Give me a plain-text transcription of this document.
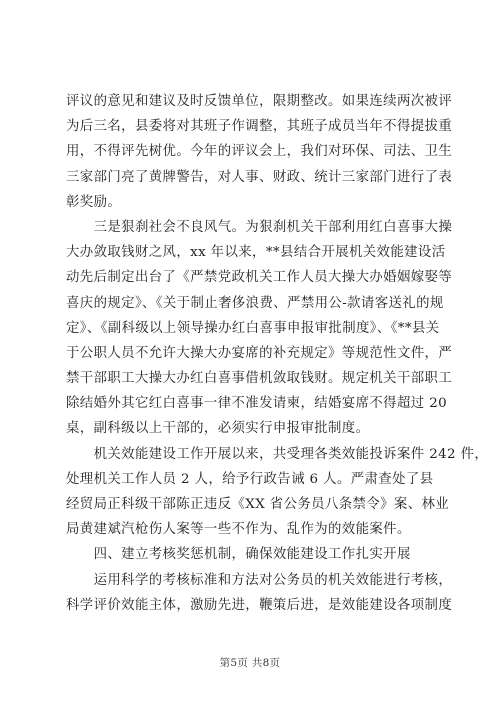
评议的意见和建议及时反馈单位，限期整改。如果连续两次被评
为后三名，县委将对其班子作调整，其班子成员当年不得提拔重
用，不得评先树优。今年的评议会上，我们对环保、司法、卫生
三家部门亮了黄牌警告，对人事、财政、统计三家部门进行了表
彰奖励。
　　三是狠刹社会不良风气。为狠刹机关干部利用红白喜事大操
大办敛取钱财之风，xx 年以来，**县结合开展机关效能建设活
动先后制定出台了《严禁党政机关工作人员大操大办婚姻嫁娶等
喜庆的规定》、《关于制止奢侈浪费、严禁用公-款请客送礼的规
定》、《副科级以上领导操办红白喜事申报审批制度》、《**县关
于公职人员不允许大操大办宴席的补充规定》等规范性文件，严
禁干部职工大操大办红白喜事借机敛取钱财。规定机关干部职工
除结婚外其它红白喜事一律不准发请柬，结婚宴席不得超过 20
桌，副科级以上干部的，必须实行申报审批制度。
　　机关效能建设工作开展以来，共受理各类效能投诉案件 242 件，
处理机关工作人员 2 人，给予行政告诫 6 人。严肃查处了县
经贸局正科级干部陈正违反《XX 省公务员八条禁令》案、林业
局黄建斌汽枪伤人案等一些不作为、乱作为的效能案件。
　　四、建立考核奖惩机制，确保效能建设工作扎实开展
　　运用科学的考核标准和方法对公务员的机关效能进行考核，
科学评价效能主体，激励先进，鞭策后进，是效能建设各项制度
第5页 共8页
